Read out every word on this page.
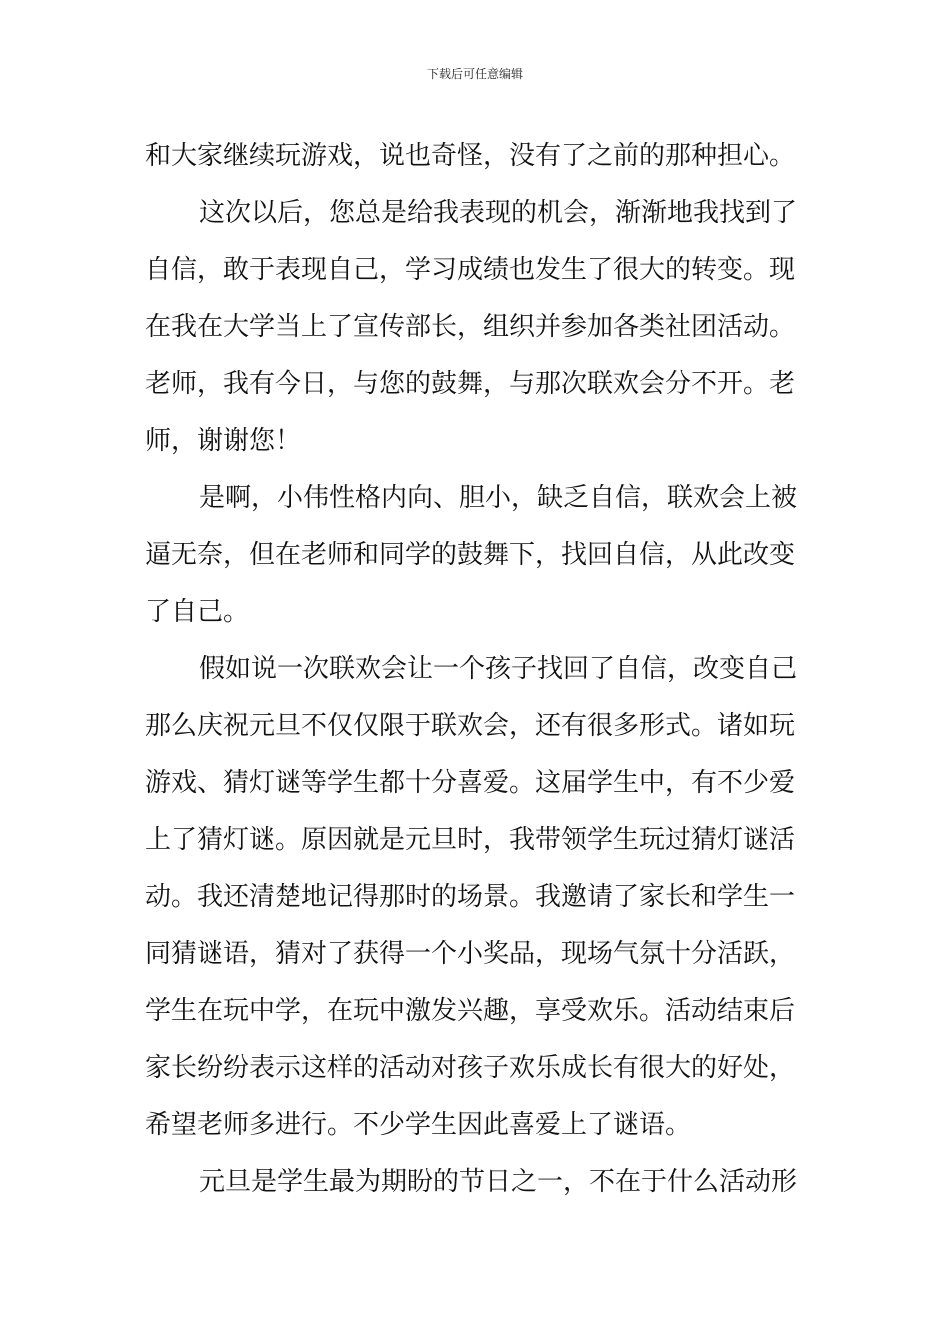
下载后可任意编辑
和大家继续玩游戏，说也奇怪，没有了之前的那种担心。
这次以后，您总是给我表现的机会，渐渐地我找到了
自信，敢于表现自己，学习成绩也发生了很大的转变。现
在我在大学当上了宣传部长，组织并参加各类社团活动。
老师，我有今日，与您的鼓舞，与那次联欢会分不开。老
师，谢谢您！
是啊，小伟性格内向、胆小，缺乏自信，联欢会上被
逼无奈，但在老师和同学的鼓舞下，找回自信，从此改变
了自己。
假如说一次联欢会让一个孩子找回了自信，改变自己
那么庆祝元旦不仅仅限于联欢会，还有很多形式。诸如玩
游戏、猜灯谜等学生都十分喜爱。这届学生中，有不少爱
上了猜灯谜。原因就是元旦时，我带领学生玩过猜灯谜活
动。我还清楚地记得那时的场景。我邀请了家长和学生一
同猜谜语，猜对了获得一个小奖品，现场气氛十分活跃，
学生在玩中学，在玩中激发兴趣，享受欢乐。活动结束后
家长纷纷表示这样的活动对孩子欢乐成长有很大的好处，
希望老师多进行。不少学生因此喜爱上了谜语。
元旦是学生最为期盼的节日之一，不在于什么活动形
